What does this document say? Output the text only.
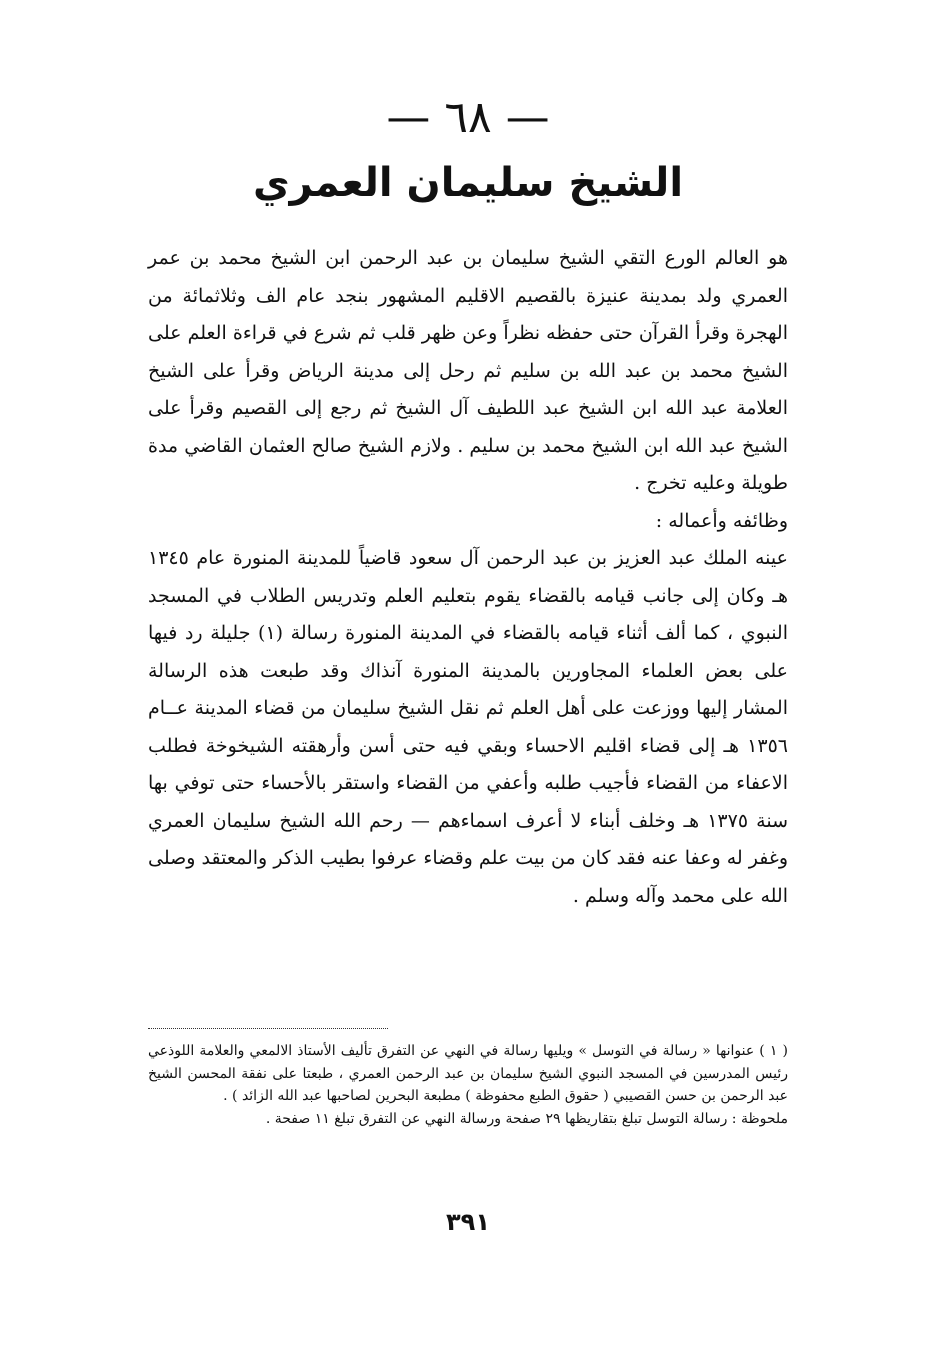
— ٦٨ —
الشيخ سليمان العمري

هو العالم الورع التقي الشيخ سليمان بن عبد الرحمن ابن الشيخ محمد بن عمر العمري ولد بمدينة عنيزة بالقصيم الاقليم المشهور بنجد عام الف وثلاثمائة من الهجرة وقرأ القرآن حتى حفظه نظراً وعن ظهر قلب ثم شرع في قراءة العلم على الشيخ محمد بن عبد الله بن سليم ثم رحل إلى مدينة الرياض وقرأ على الشيخ العلامة عبد الله ابن الشيخ عبد اللطيف آل الشيخ ثم رجع إلى القصيم وقرأ على الشيخ عبد الله ابن الشيخ محمد بن سليم . ولازم الشيخ صالح العثمان القاضي مدة طويلة وعليه تخرج .

وظائفه وأعماله :

عينه الملك عبد العزيز بن عبد الرحمن آل سعود قاضياً للمدينة المنورة عام ١٣٤٥ هـ وكان إلى جانب قيامه بالقضاء يقوم بتعليم العلم وتدريس الطلاب في المسجد النبوي ، كما ألف أثناء قيامه بالقضاء في المدينة المنورة رسالة (١) جليلة رد فيها على بعض العلماء المجاورين بالمدينة المنورة آنذاك وقد طبعت هذه الرسالة المشار إليها ووزعت على أهل العلم ثم نقل الشيخ سليمان من قضاء المدينة عــام ١٣٥٦ هـ إلى قضاء اقليم الاحساء وبقي فيه حتى أسن وأرهقته الشيخوخة فطلب الاعفاء من القضاء فأجيب طلبه وأعفي من القضاء واستقر بالأحساء حتى توفي بها سنة ١٣٧٥ هـ وخلف أبناء لا أعرف اسماءهم — رحم الله الشيخ سليمان العمري وغفر له وعفا عنه فقد كان من بيت علم وقضاء عرفوا بطيب الذكر والمعتقد وصلى الله على محمد وآله وسلم .

( ١ ) عنوانها « رسالة في التوسل » ويليها رسالة في النهي عن التفرق تأليف الأستاذ الالمعي والعلامة اللوذعي رئيس المدرسين في المسجد النبوي الشيخ سليمان بن عبد الرحمن العمري ، طبعتا على نفقة المحسن الشيخ عبد الرحمن بن حسن القصيبي ( حقوق الطبع محفوظة ) مطبعة البحرين لصاحبها عبد الله الزائد ) .

ملحوظة : رسالة التوسل تبلغ بتقاريظها ٢٩ صفحة ورسالة النهي عن التفرق تبلغ ١١ صفحة .

٣٩١
